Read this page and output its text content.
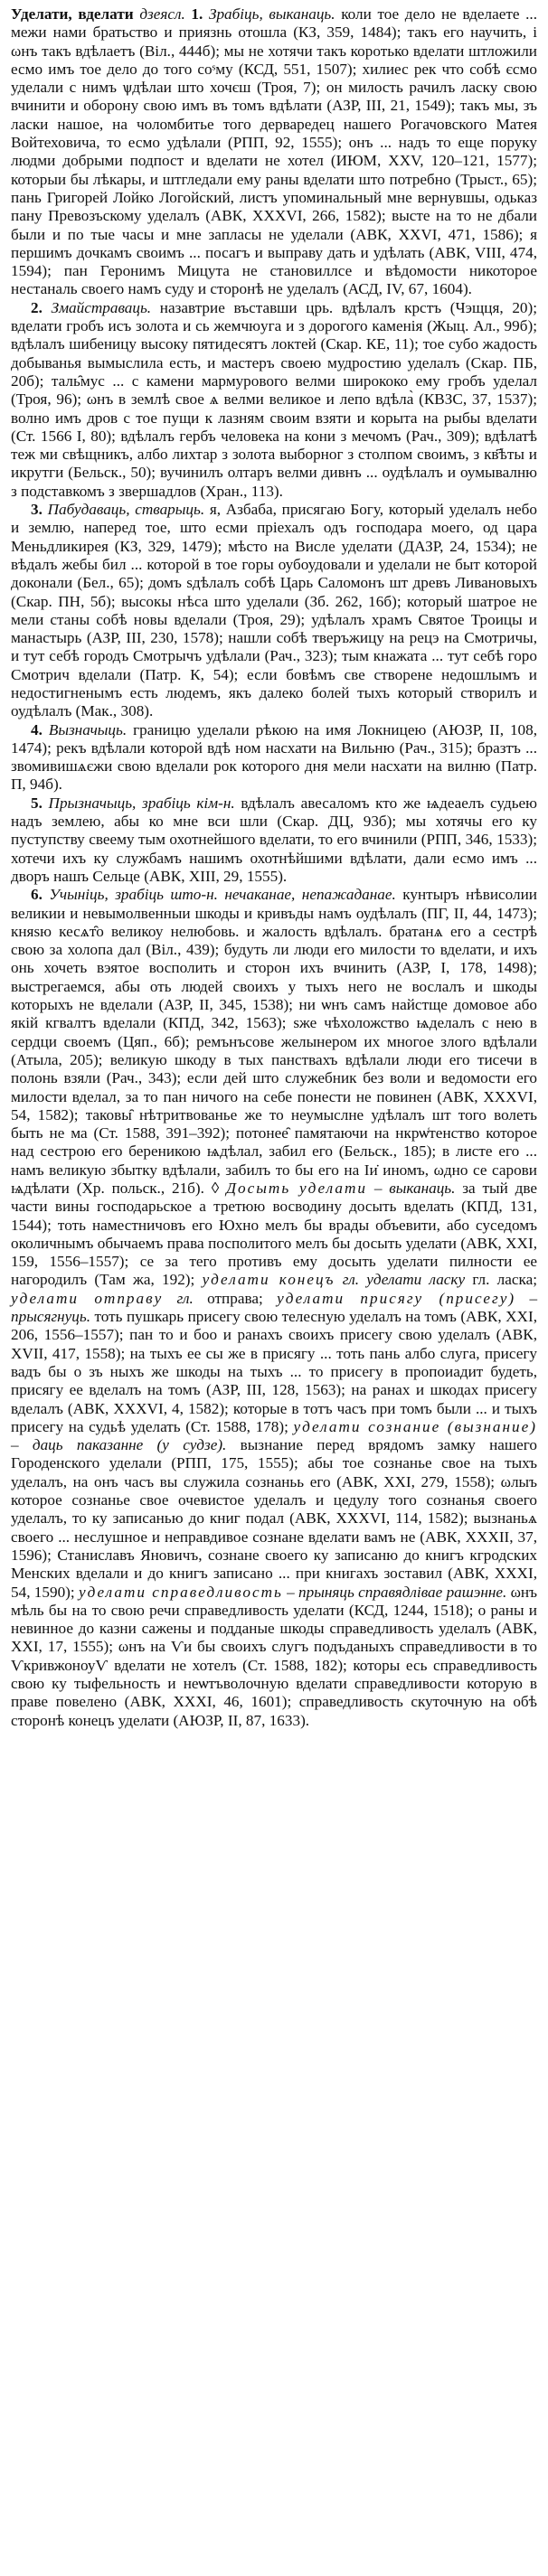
Уделати, вделати дзеясл. 1. Зрабіць, выканаць. коли тое дело не вделаете ... межи нами братьство и приязнь отошла (КЗ, 359, 1484); такъ его научить, і ωнъ такъ вдѣлаетъ (Віл., 444б); мы не хотячи такъ коротько вделати штложили есмо имъ тое дело до того соˢму (КСД, 551, 1507); хилиес рек что собѣ єсмо уделали с нимъ ѱдѣлаи што хочєш (Троя, 7); он милость рачилъ ласку свою вчинити и оборону свою имъ въ томъ вдѣлати (АЗР, III, 21, 1549); такъ мы, зъ ласки нашое, на чоломбитье того дерваредец нашего Рогачовского Матея Войтеховича, то есмо удѣлали (РПП, 92, 1555); онъ ... надъ то еще поруку людми добрыми подпост и вделати не хотел (ИЮМ, XXV, 120–121, 1577); которыи бы лѣкары, и штгледали ему раны вделати што потребно (Трыст., 65); пань Григорей Лойко Логойский, листъ упоминальный мне вернувшы, одьказ пану Превозъскому уделалъ (АВК, XXXVI, 266, 1582); выстe на то не дбали были и по тые часы и мне запласы не уделали (АВК, XXVI, 471, 1586); я першимъ дочкамъ своимъ ... посагъ и выправу дать и удѣлать (АВК, VIII, 474, 1594); пан Геронимъ Мицута не становиллсе и вѣдомости никоторое нестаналь своего намъ суду и сторонѣ не уделалъ (АСД, IV, 67, 1604).

2. Змайстраваць. назавтрие въставши црь. вдѣлалъ крстъ (Чэщця, 20); вделати гробъ исъ золота и сь жемчюуга и з дорогого каменія (Жыц. Ал., 99б); вдѣлалъ шибеницу высоку пятидесятъ локтей (Скар. КЕ, 11); тое субо жадость добыванья вымыслила есть, и мастеръ своею мудростию уделалъ (Скар. ПБ, 20б); таль̑мус ... с камени мармурового велми ширококо ему гробъ уделал (Троя, 96); ωнъ в землѣ свое ѧ велми великое и лепо вдѣла̀ (КВЗС, 37, 1537); волно имъ дров с тое пущи к лазням своим взяти и корыта на рыбы вделати (Ст. 1566 I, 80); вдѣлалъ гербъ человека на кони з мечомъ (Рач., 309); вдѣлатѣ теж ми свѣщникъ, албо лихтар з золота выборног з столпом своимъ, з кв҃ѣты и икрутги (Бельск., 50); вучинилъ олтаръ велми дивнъ ... оудѣлалъ и оумывалню з подставкомъ з звершадлов (Хран., 113).

3. Пабудаваць, стварыць. я, Азбаба, присягаю Богу, который уделалъ небо и землю, наперед тое, што есми прiехалъ одъ господара моего, од цара Меньдликирея (КЗ, 329, 1479); мѣсто на Висле уделати (ДАЗР, 24, 1534); не вѣдалъ жебы бил ... которой в тое горы оубоудовали и уделали не быт которой доконали (Бел., 65); домъ ѕдѣлалъ собѣ Царь Саломонъ шт древъ Ливановыхъ (Скар. ПН, 5б); высокы нѣса што уделали (Зб. 262, 16б); который шатрое не мели станы собѣ новы вделали (Троя, 29); удѣлалъ храмъ Святое Троицы и манастырь (АЗР, III, 230, 1578); нашли собѣ тверъжицу на рецэ на Смотричы, и тут себѣ городъ Смотрычъ удѣлали (Рач., 323); тым кнажата ... тут себѣ горо Смотрич вделали (Патр. К, 54); если бовѣмъ све створене недошлымъ и недостигненымъ есть людемъ, якъ далеко болей тыхъ который створилъ и оудѣлалъ (Мак., 308).

4. Вызначыць. границю уделали рѣкою на имя Локницею (АЮЗР, II, 108, 1474); рекъ вдѣлали которой вдѣ ном насхати на Вильню (Рач., 315); бразтъ ... звомивишѧєжи свою вделали рок которого дня мели насхати на вилню (Патр. П, 94б).

5. Прызначыць, зрабіць кім-н. вдѣлалъ авесаломъ кто же ѩдеаелъ судьею надъ землею, абы ко мне вси шли (Скар. ДЦ, 93б); мы хотячы его ку пуступству свеему тым охотнейшого вделати, то его вчинили (РПП, 346, 1533); хотечи ихъ ку службамъ нашимъ охотнѣйшими вдѣлати, дали есмо имъ ... дворъ нашъ Сельце (АВК, XIII, 29, 1555).

6. Учыніць, зрабіць што-н. нечаканае, непажаданае. кунтыръ нѣвисолии великии и невымолвенныи шкоды и кривъды намъ оудѣлалъ (ПГ, II, 44, 1473); княѕю кесѧт̑о великоу нелюбовь. и жалость вдѣлалъ. братанѧ его а сестрѣ свою за холопа дал (Віл., 439); будуть ли люди его милости то вделати, и ихъ онь хочеть вэятое восполить и сторон ихъ вчинить (АЗР, I, 178, 1498); выстрегаемся, абы оть людей своихъ у тыхъ него не вослалъ и шкоды которыхъ не вделали (АЗР, II, 345, 1538); ни ѡнъ самъ найстще домовое або якій кгвалтъ вделали (КПД, 342, 1563); ѕже чѣхоложство ѩделалъ с нею в сердци своемъ (Цяп., 6б); ремънъсове желынером их многое злого вдѣлали (Атыла, 205); великую шкоду в тых панствахъ вдѣлали люди его тисечи в полонь взяли (Рач., 343); если дей што служебник без воли и ведомости его милости вделал, за то пан ничого на себе понести не повинен (АВК, XXXVI, 54, 1582); таковы̑ нѣтритвованье же то неумыслне удѣлалъ шт того волеть быть не ма (Ст. 1588, 391–392); потонее̑ памятаючи на нкрѡ͑тенство которое над сестрою его береникою ѩдѣлал, забил его (Бельск., 185); в листе его ... намъ великую збытку вдѣлали, забилъ то бы его на Іи̇ иномъ, ωдно се сарови ѩдѣлати (Хр. польск., 21б). ◊ Досыть уделати – выканаць. за тый две части вины господарьское а третюю восводину досыть вделать (КПД, 131, 1544); тоть наместничовъ его Юхно мелъ бы врады объевити, або суседомъ околичнымъ обычаемъ права посполитого мелъ бы досыть уделати (АВК, XXI, 159, 1556–1557); се за тего противъ ему досыть уделати пилности ее нагородилъ (Там жа, 192); уделати конецъ гл. уделати ласку гл. ласка; уделати отправу гл. отправа; уделати присягу (присегу) – прысягнуць. тоть пушкарь присегу свою телесную уделалъ на томъ (АВК, XXI, 206, 1556–1557); пан то и боо и ранахъ своихъ присегу свою уделалъ (АВК, XVII, 417, 1558); на тыхъ ее сы же в присягу ... тоть пань албо слуга, присегу вадъ бы о зъ ныхъ же шкоды на тыхъ ... то присегу в пропоиадит будеть, присягу ее вделалъ на томъ (АЗР, III, 128, 1563); на ранах и шкодах присегу вделалъ (АВК, XXXVI, 4, 1582); которые в тотъ часъ при томъ были ... и тыхъ присегу на судьѣ уделать (Ст. 1588, 178); уделати сознание (вызнание) – даць паказанне (у судзе). вызнание перед врядомъ замку нашего Городенского уделали (РПП, 175, 1555); абы тое сознанье свое на тыхъ уделалъ, на онъ часъ вы служила сознаньь его (АВК, XXI, 279, 1558); ωлыъ которое сознанье свое очевистое уделалъ и цедулу того сознанья своего уделалъ, то ку записанью до книг подал (АВК, XXXVI, 114, 1582); вызнаньѧ своего ... неслушное и неправдивое сознане вделати вамъ не (АВК, XXXII, 37, 1596); Станиславъ Яновичъ, сознане своего ку записаню до книгъ кгродских Менских вделали и до книгъ записано ... при книгахъ зоставил (АВК, XXXI, 54, 1590); уделати справедливость – прыняць справядлівае рашэнне. ωнъ мѣль бы на то свою речи справедливость уделати (КСД, 1244, 1518); о раны и невинное до казни сажены и подданые шкоды справедливость уделалъ (АВК, XXI, 17, 1555); ωнъ на Ѵи бы своихъ слугъ подъданыхъ справедливости в то ѴкривжоноуѴ вделати не хотелъ (Ст. 1588, 182); которы есь справедливость свою ку тыфельность и неѡтъволочную вделати справедливости которую в праве повелено (АВК, XXXI, 46, 1601); справедливость скуточную на обѣ сторонѣ конецъ уделати (АЮЗР, II, 87, 1633).
